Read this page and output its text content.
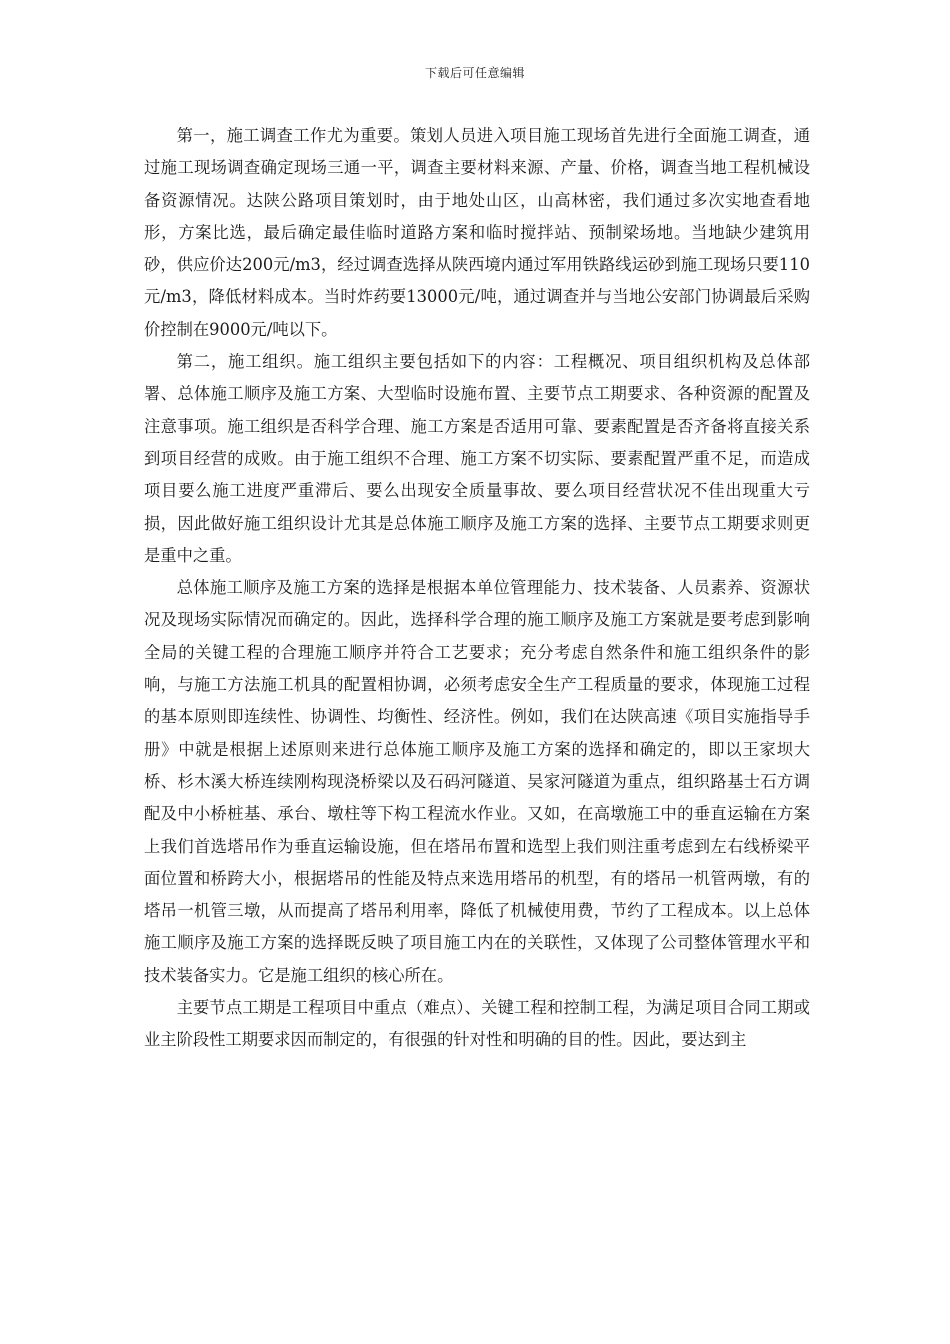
下载后可任意编辑

第一，施工调查工作尤为重要。策划人员进入项目施工现场首先进行全面施工调查，通过施工现场调查确定现场三通一平，调查主要材料来源、产量、价格，调查当地工程机械设备资源情况。达陕公路项目策划时，由于地处山区，山高林密，我们通过多次实地查看地形，方案比选，最后确定最佳临时道路方案和临时搅拌站、预制梁场地。当地缺少建筑用砂，供应价达200元/m3，经过调查选择从陕西境内通过军用铁路线运砂到施工现场只要110元/m3，降低材料成本。当时炸药要13000元/吨，通过调查并与当地公安部门协调最后采购价控制在9000元/吨以下。

第二，施工组织。施工组织主要包括如下的内容：工程概况、项目组织机构及总体部署、总体施工顺序及施工方案、大型临时设施布置、主要节点工期要求、各种资源的配置及注意事项。施工组织是否科学合理、施工方案是否适用可靠、要素配置是否齐备将直接关系到项目经营的成败。由于施工组织不合理、施工方案不切实际、要素配置严重不足，而造成项目要么施工进度严重滞后、要么出现安全质量事故、要么项目经营状况不佳出现重大亏损，因此做好施工组织设计尤其是总体施工顺序及施工方案的选择、主要节点工期要求则更是重中之重。

总体施工顺序及施工方案的选择是根据本单位管理能力、技术装备、人员素养、资源状况及现场实际情况而确定的。因此，选择科学合理的施工顺序及施工方案就是要考虑到影响全局的关键工程的合理施工顺序并符合工艺要求；充分考虑自然条件和施工组织条件的影响，与施工方法施工机具的配置相协调，必须考虑安全生产工程质量的要求，体现施工过程的基本原则即连续性、协调性、均衡性、经济性。例如，我们在达陕高速《项目实施指导手册》中就是根据上述原则来进行总体施工顺序及施工方案的选择和确定的，即以王家坝大桥、杉木溪大桥连续刚构现浇桥梁以及石码河隧道、吴家河隧道为重点，组织路基士石方调配及中小桥桩基、承台、墩柱等下构工程流水作业。又如，在高墩施工中的垂直运输在方案上我们首选塔吊作为垂直运输设施，但在塔吊布置和选型上我们则注重考虑到左右线桥梁平面位置和桥跨大小，根据塔吊的性能及特点来选用塔吊的机型，有的塔吊一机管两墩，有的塔吊一机管三墩，从而提高了塔吊利用率，降低了机械使用费，节约了工程成本。以上总体施工顺序及施工方案的选择既反映了项目施工内在的关联性，又体现了公司整体管理水平和技术装备实力。它是施工组织的核心所在。

主要节点工期是工程项目中重点（难点）、关键工程和控制工程，为满足项目合同工期或业主阶段性工期要求因而制定的，有很强的针对性和明确的目的性。因此，要达到主
